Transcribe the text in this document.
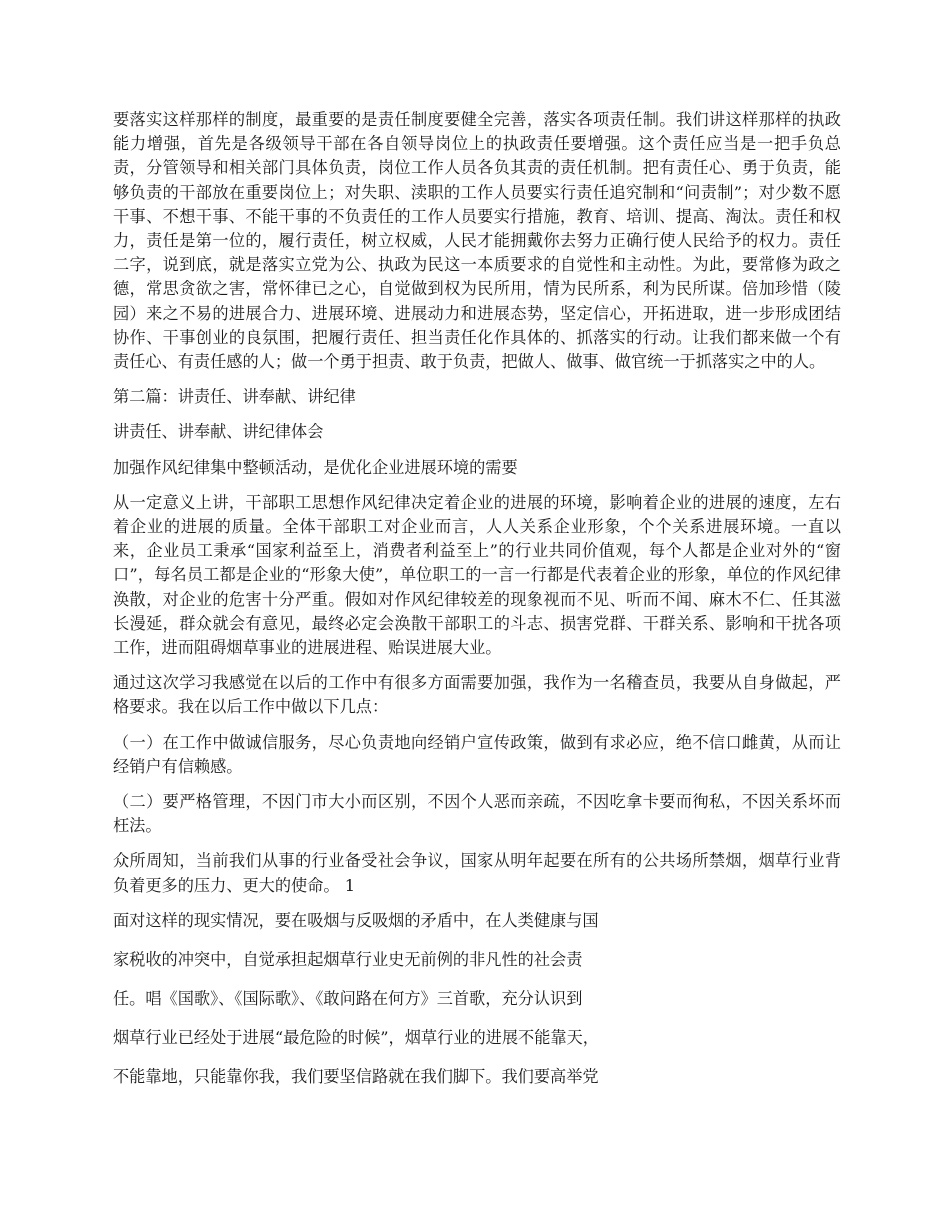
要落实这样那样的制度，最重要的是责任制度要健全完善，落实各项责任制。我们讲这样那样的执政能力增强，首先是各级领导干部在各自领导岗位上的执政责任要增强。这个责任应当是一把手负总责，分管领导和相关部门具体负责，岗位工作人员各负其责的责任机制。把有责任心、勇于负责，能够负责的干部放在重要岗位上；对失职、渎职的工作人员要实行责任追究制和“问责制”；对少数不愿干事、不想干事、不能干事的不负责任的工作人员要实行措施，教育、培训、提高、淘汰。责任和权力，责任是第一位的，履行责任，树立权威，人民才能拥戴你去努力正确行使人民给予的权力。责任二字，说到底，就是落实立党为公、执政为民这一本质要求的自觉性和主动性。为此，要常修为政之德，常思贪欲之害，常怀律已之心，自觉做到权为民所用，情为民所系，利为民所谋。倍加珍惜（陵园）来之不易的进展合力、进展环境、进展动力和进展态势，坚定信心，开拓进取，进一步形成团结协作、干事创业的良氛围，把履行责任、担当责任化作具体的、抓落实的行动。让我们都来做一个有责任心、有责任感的人；做一个勇于担责、敢于负责，把做人、做事、做官统一于抓落实之中的人。

第二篇：讲责任、讲奉献、讲纪律

讲责任、讲奉献、讲纪律体会

加强作风纪律集中整顿活动，是优化企业进展环境的需要

从一定意义上讲，干部职工思想作风纪律决定着企业的进展的环境，影响着企业的进展的速度，左右着企业的进展的质量。全体干部职工对企业而言，人人关系企业形象，个个关系进展环境。一直以来，企业员工秉承“国家利益至上，消费者利益至上”的行业共同价值观，每个人都是企业对外的“窗口”，每名员工都是企业的“形象大使”，单位职工的一言一行都是代表着企业的形象，单位的作风纪律涣散，对企业的危害十分严重。假如对作风纪律较差的现象视而不见、听而不闻、麻木不仁、任其滋长漫延，群众就会有意见，最终必定会涣散干部职工的斗志、损害党群、干群关系、影响和干扰各项工作，进而阻碍烟草事业的进展进程、贻误进展大业。

通过这次学习我感觉在以后的工作中有很多方面需要加强，我作为一名稽查员，我要从自身做起，严格要求。我在以后工作中做以下几点：

（一）在工作中做诚信服务，尽心负责地向经销户宣传政策，做到有求必应，绝不信口雌黄，从而让经销户有信赖感。

（二）要严格管理，不因门市大小而区别，不因个人恶而亲疏，不因吃拿卡要而徇私，不因关系坏而枉法。

众所周知，当前我们从事的行业备受社会争议，国家从明年起要在所有的公共场所禁烟，烟草行业背负着更多的压力、更大的使命。 1

面对这样的现实情况，要在吸烟与反吸烟的矛盾中，在人类健康与国

家税收的冲突中，自觉承担起烟草行业史无前例的非凡性的社会责

任。唱《国歌》、《国际歌》、《敢问路在何方》三首歌，充分认识到

烟草行业已经处于进展“最危险的时候”，烟草行业的进展不能靠天，

不能靠地，只能靠你我，我们要坚信路就在我们脚下。我们要高举党
